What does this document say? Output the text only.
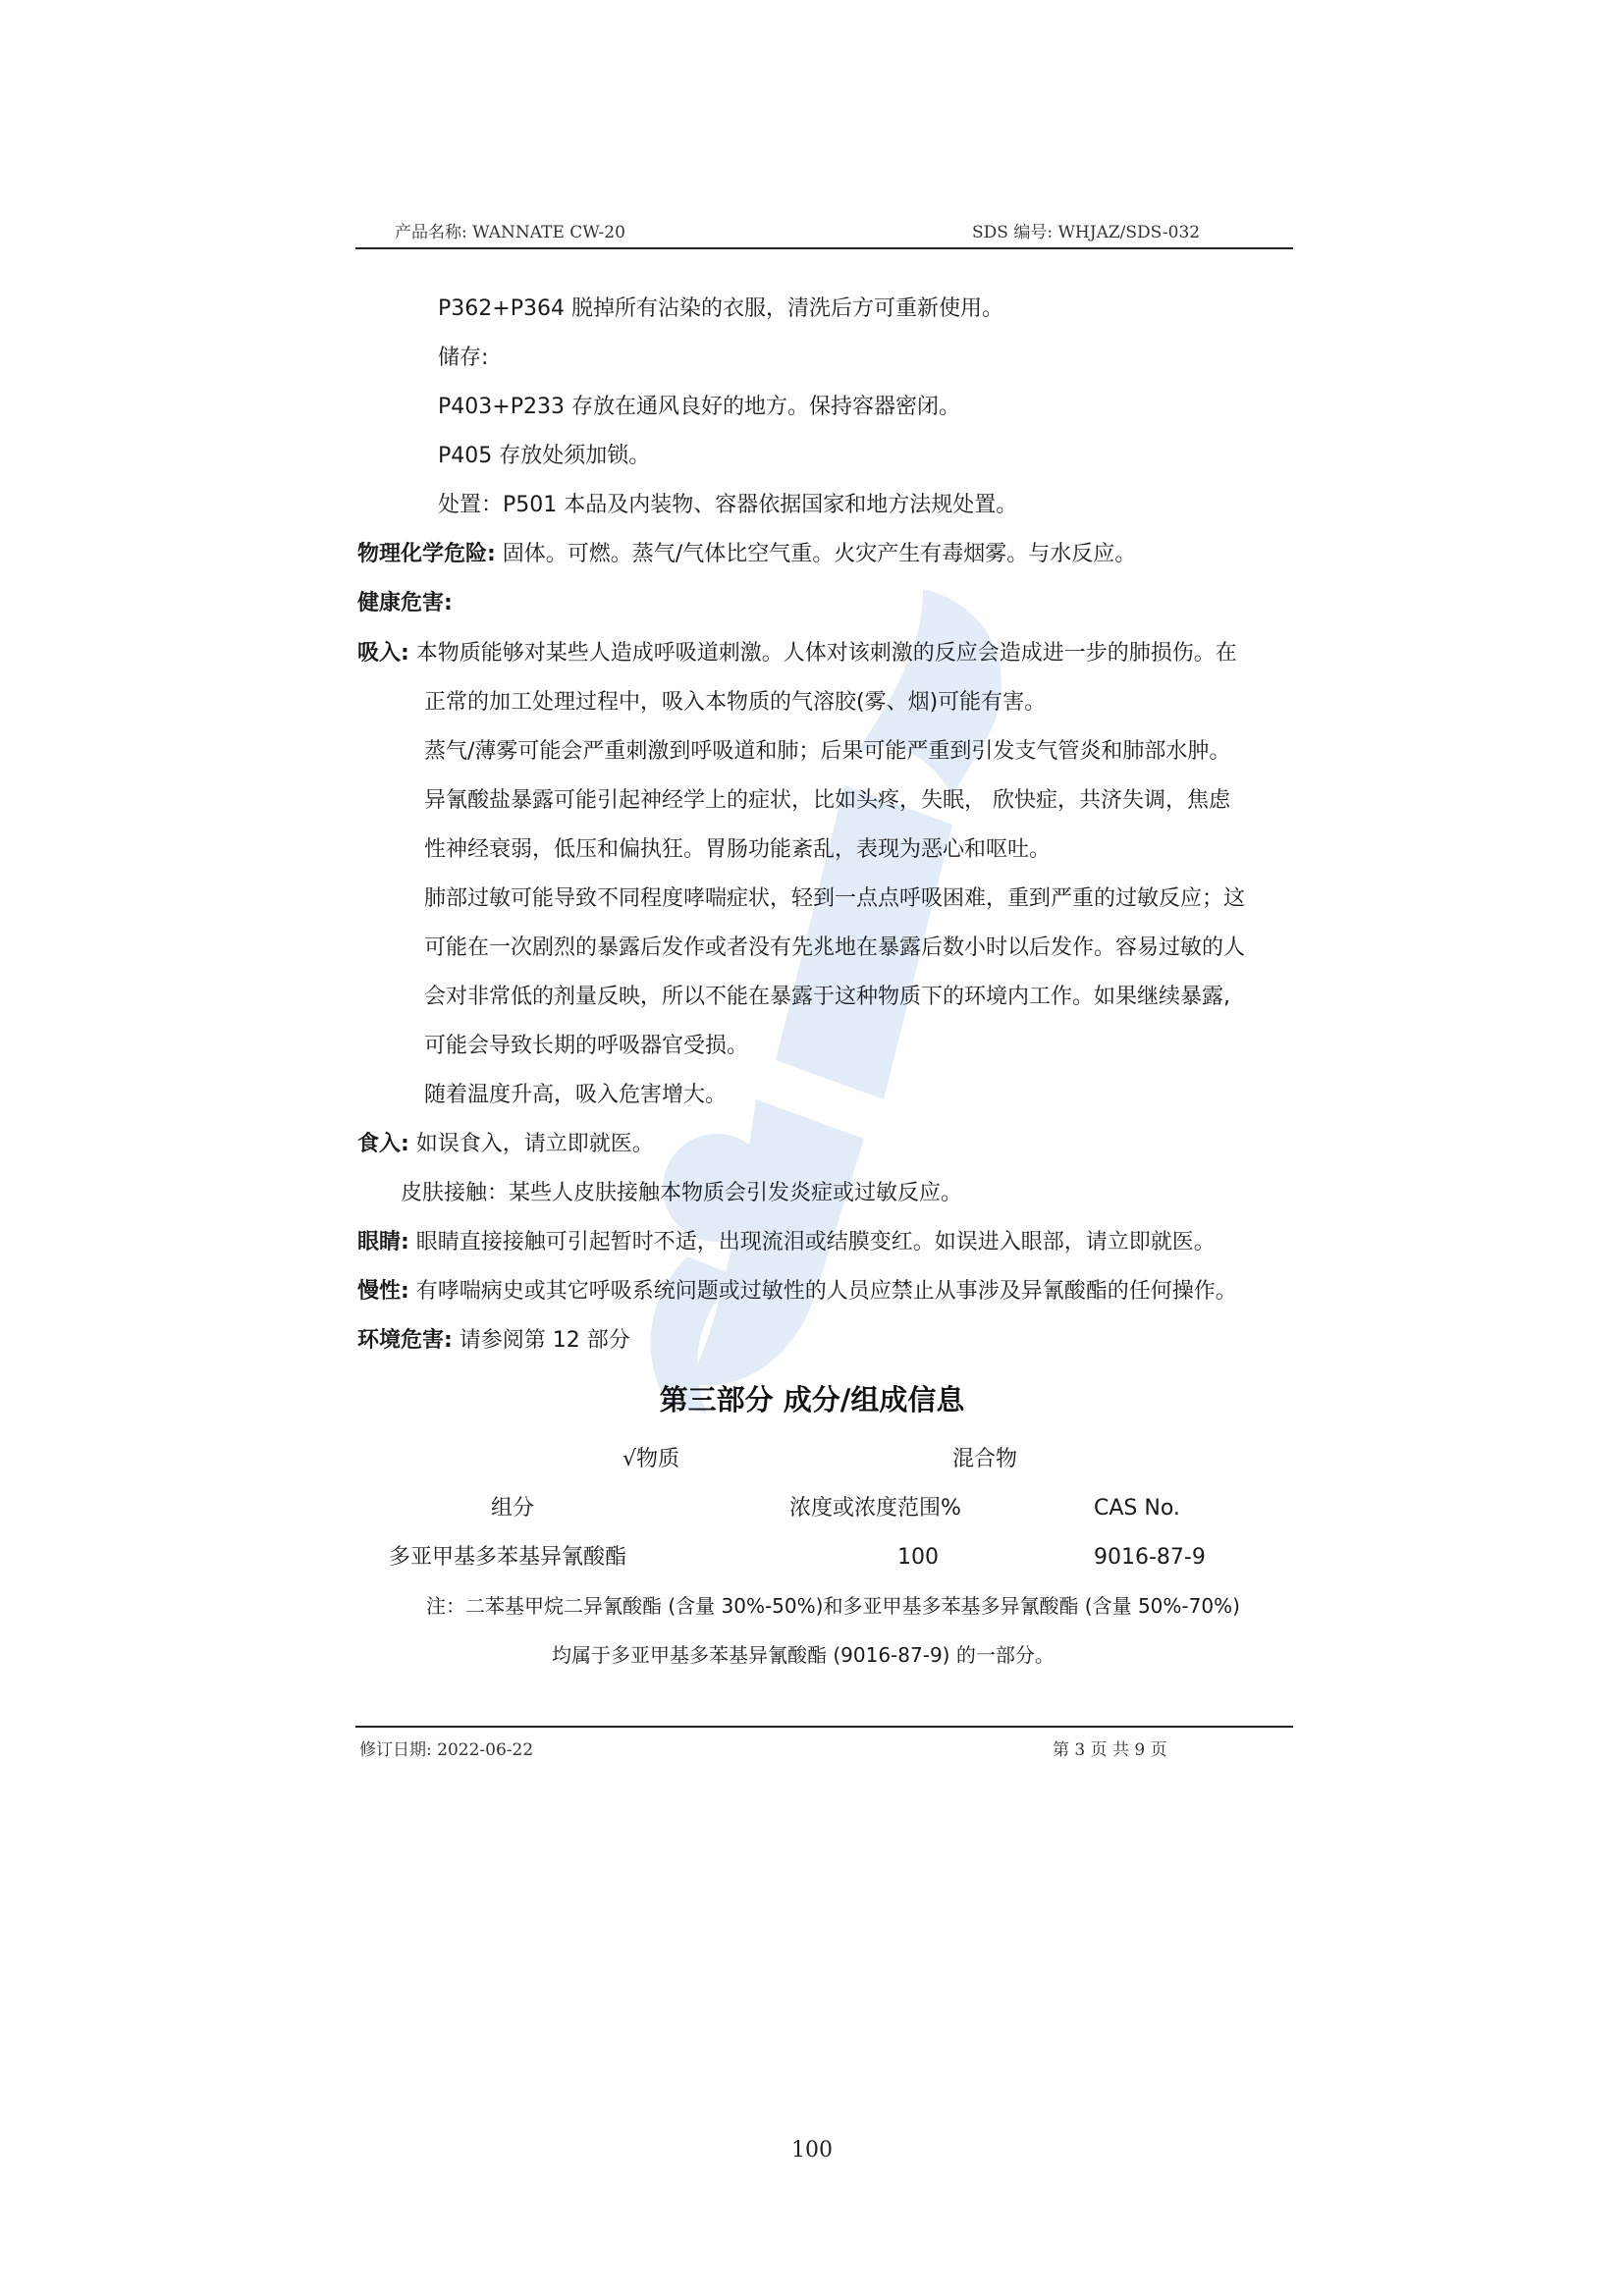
产品名称: WANNATE CW-20	SDS 编号: WHJAZ/SDS-032
P362+P364 脱掉所有沾染的衣服，清洗后方可重新使用。
储存:
P403+P233 存放在通风良好的地方。保持容器密闭。
P405 存放处须加锁。
处置：P501 本品及内装物、容器依据国家和地方法规处置。
物理化学危险: 固体。可燃。蒸气/气体比空气重。火灾产生有毒烟雾。与水反应。
健康危害:
吸入: 本物质能够对某些人造成呼吸道刺激。人体对该刺激的反应会造成进一步的肺损伤。在
正常的加工处理过程中，吸入本物质的气溶胶(雾、烟)可能有害。
蒸气/薄雾可能会严重刺激到呼吸道和肺；后果可能严重到引发支气管炎和肺部水肿。
异氰酸盐暴露可能引起神经学上的症状，比如头疼，失眠， 欣快症，共济失调，焦虑
性神经衰弱，低压和偏执狂。胃肠功能紊乱，表现为恶心和呕吐。
肺部过敏可能导致不同程度哮喘症状，轻到一点点呼吸困难，重到严重的过敏反应；这
可能在一次剧烈的暴露后发作或者没有先兆地在暴露后数小时以后发作。容易过敏的人
会对非常低的剂量反映，所以不能在暴露于这种物质下的环境内工作。如果继续暴露,
可能会导致长期的呼吸器官受损。
随着温度升高，吸入危害增大。
食入: 如误食入，请立即就医。
皮肤接触：某些人皮肤接触本物质会引发炎症或过敏反应。
眼睛: 眼睛直接接触可引起暂时不适，出现流泪或结膜变红。如误进入眼部，请立即就医。
慢性: 有哮喘病史或其它呼吸系统问题或过敏性的人员应禁止从事涉及异氰酸酯的任何操作。
环境危害: 请参阅第 12 部分
第三部分 成分/组成信息
√物质	混合物
组分	浓度或浓度范围%	CAS No.
多亚甲基多苯基异氰酸酯	100	9016-87-9
注：二苯基甲烷二异氰酸酯 (含量 30%-50%)和多亚甲基多苯基多异氰酸酯 (含量 50%-70%)
均属于多亚甲基多苯基异氰酸酯 (9016-87-9) 的一部分。
修订日期: 2022-06-22	第 3 页 共 9 页
100
